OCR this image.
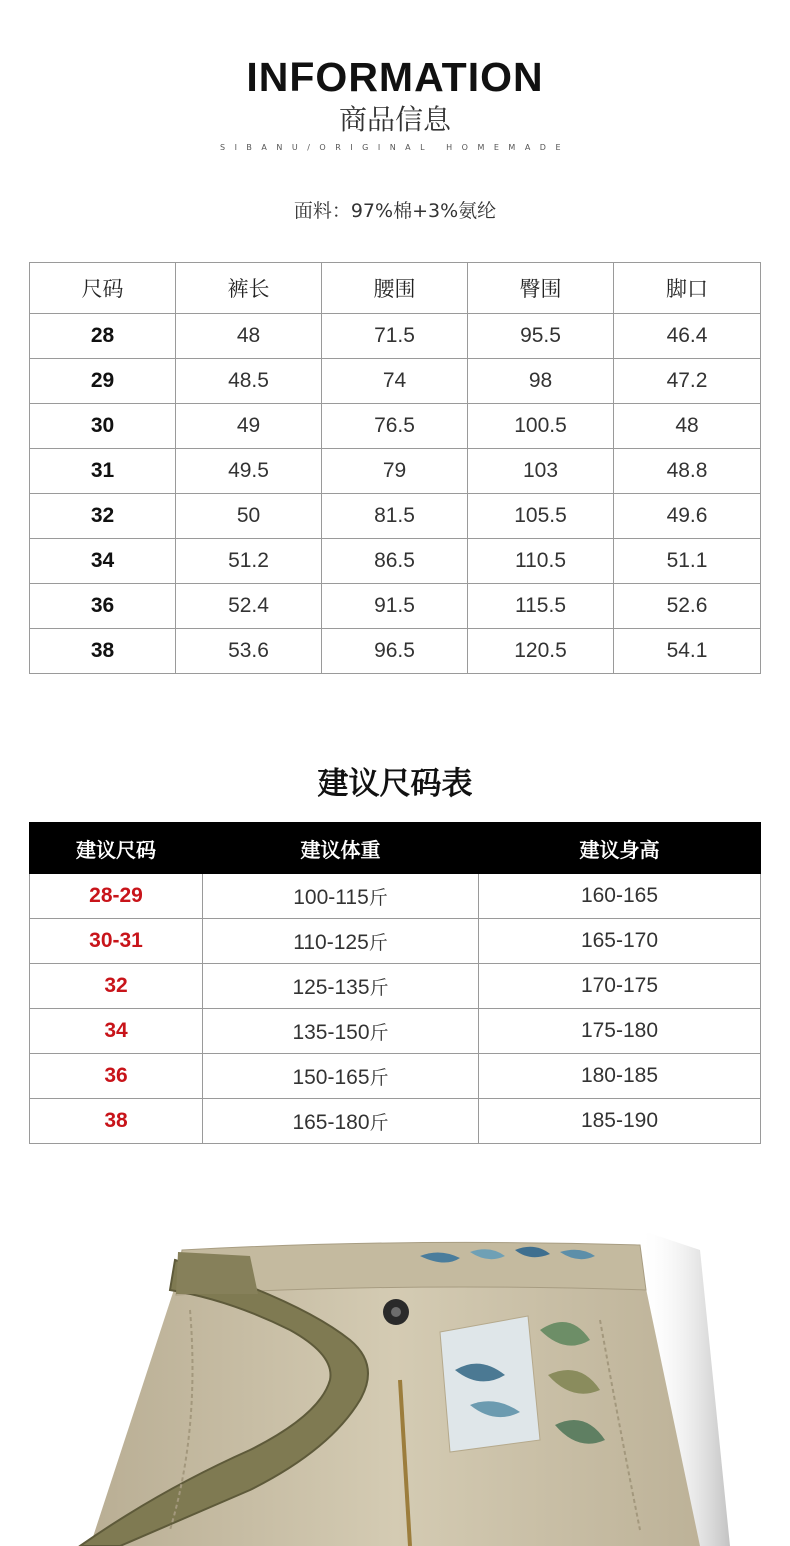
INFORMATION
商品信息
SIBANU/ORIGINAL HOMEMADE
面料：97%棉+3%氨纶
尺码	裤长	腰围	臀围	脚口
28	48	71.5	95.5	46.4
29	48.5	74	98	47.2
30	49	76.5	100.5	48
31	49.5	79	103	48.8
32	50	81.5	105.5	49.6
34	51.2	86.5	110.5	51.1
36	52.4	91.5	115.5	52.6
38	53.6	96.5	120.5	54.1
建议尺码表
建议尺码	建议体重	建议身高
28-29	100-115斤	160-165
30-31	110-125斤	165-170
32	125-135斤	170-175
34	135-150斤	175-180
36	150-165斤	180-185
38	165-180斤	185-190
